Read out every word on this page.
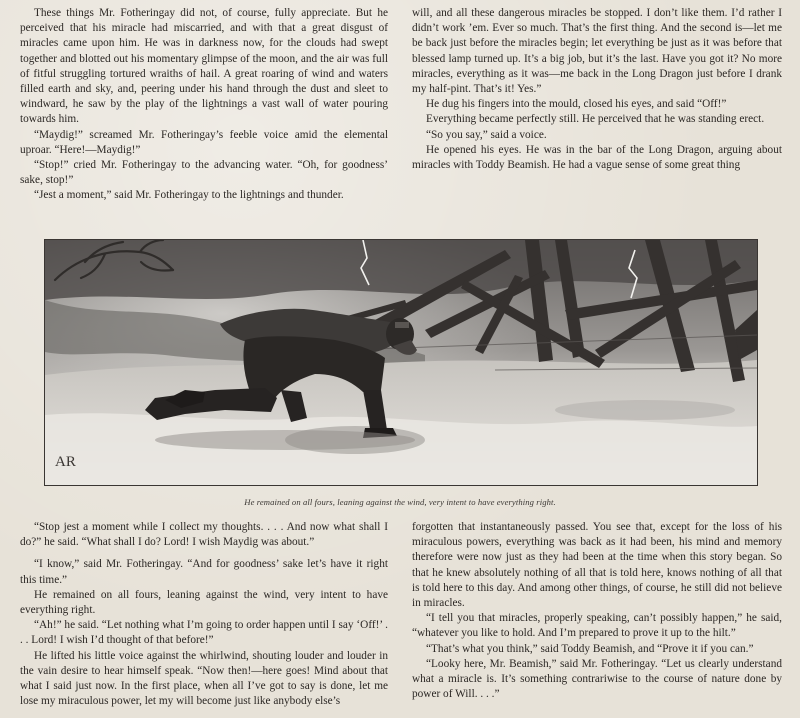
These things Mr. Fotheringay did not, of course, fully appreciate. But he perceived that his miracle had miscarried, and with that a great disgust of miracles came upon him. He was in darkness now, for the clouds had swept together and blotted out his momentary glimpse of the moon, and the air was full of fitful struggling tortured wraiths of hail. A great roaring of wind and waters filled earth and sky, and, peering under his hand through the dust and sleet to windward, he saw by the play of the lightnings a vast wall of water pouring towards him.

“Maydig!” screamed Mr. Fotheringay’s feeble voice amid the elemental uproar. “Here!—Maydig!”

“Stop!” cried Mr. Fotheringay to the advancing water. “Oh, for goodness’ sake, stop!”

“Jest a moment,” said Mr. Fotheringay to the lightnings and thunder.

will, and all these dangerous miracles be stopped. I don’t like them. I’d rather I didn’t work ’em. Ever so much. That’s the first thing. And the second is—let me be back just before the miracles begin; let everything be just as it was before that blessed lamp turned up. It’s a big job, but it’s the last. Have you got it? No more miracles, everything as it was—me back in the Long Dragon just before I drank my half-pint. That’s it! Yes.”

He dug his fingers into the mould, closed his eyes, and said “Off!”

Everything became perfectly still. He perceived that he was standing erect.

“So you say,” said a voice.

He opened his eyes. He was in the bar of the Long Dragon, arguing about miracles with Toddy Beamish. He had a vague sense of some great thing

AR
He remained on all fours, leaning against the wind, very intent to have everything right.

“Stop jest a moment while I collect my thoughts. . . . And now what shall I do?” he said. “What shall I do? Lord! I wish Maydig was about.”

“I know,” said Mr. Fotheringay. “And for goodness’ sake let’s have it right this time.”

He remained on all fours, leaning against the wind, very intent to have everything right.

“Ah!” he said. “Let nothing what I’m going to order happen until I say ‘Off!’ . . . Lord! I wish I’d thought of that before!”

He lifted his little voice against the whirlwind, shouting louder and louder in the vain desire to hear himself speak. “Now then!—here goes! Mind about that what I said just now. In the first place, when all I’ve got to say is done, let me lose my miraculous power, let my will become just like anybody else’s

forgotten that instantaneously passed. You see that, except for the loss of his miraculous powers, everything was back as it had been, his mind and memory therefore were now just as they had been at the time when this story began. So that he knew absolutely nothing of all that is told here, knows nothing of all that is told here to this day. And among other things, of course, he still did not believe in miracles.

“I tell you that miracles, properly speaking, can’t possibly happen,” he said, “whatever you like to hold. And I’m prepared to prove it up to the hilt.”

“That’s what you think,” said Toddy Beamish, and “Prove it if you can.”

“Looky here, Mr. Beamish,” said Mr. Fotheringay. “Let us clearly understand what a miracle is. It’s something contrariwise to the course of nature done by power of Will. . . .”
